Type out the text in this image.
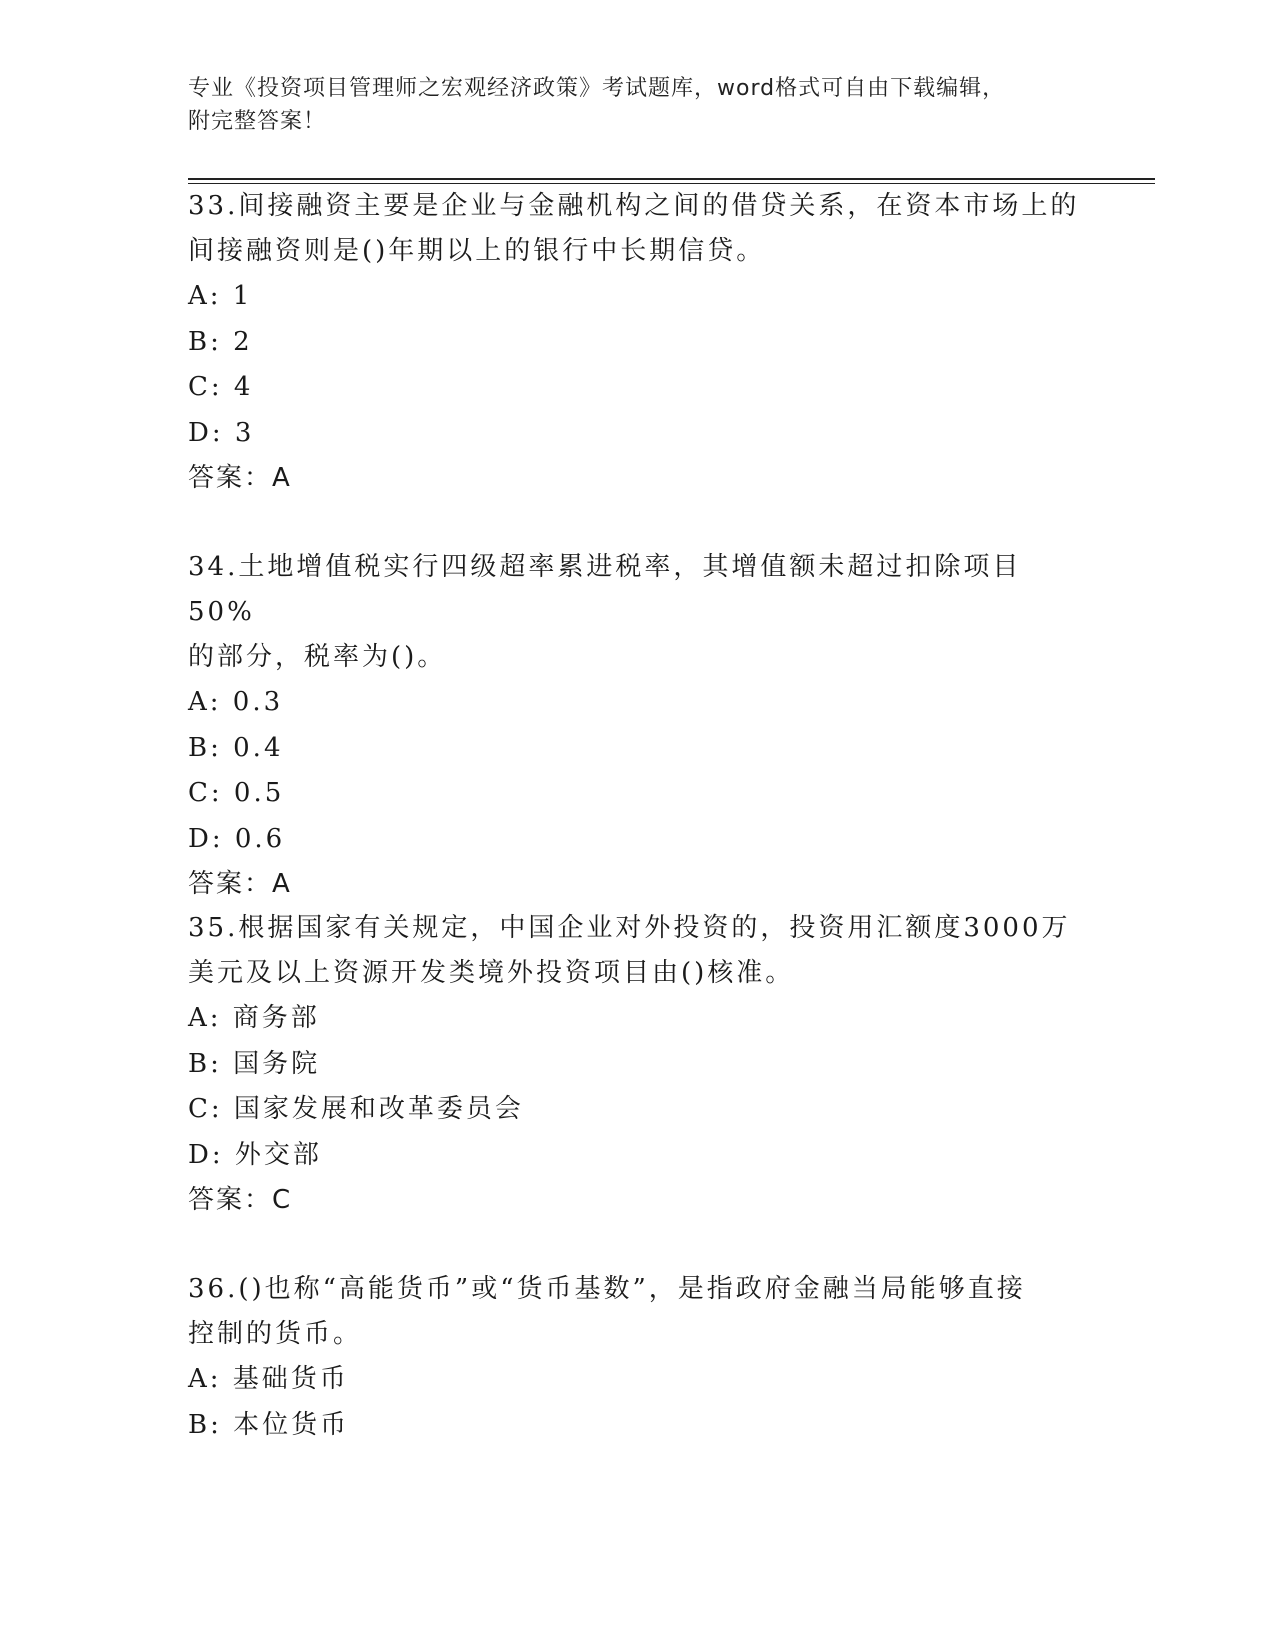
专业《投资项目管理师之宏观经济政策》考试题库，word格式可自由下载编辑，
附完整答案！

33.间接融资主要是企业与金融机构之间的借贷关系，在资本市场上的

间接融资则是()年期以上的银行中长期信贷。

A: 1

B: 2

C: 4

D: 3

答案：A

34.土地增值税实行四级超率累进税率，其增值额未超过扣除项目50%

的部分，税率为()。

A: 0.3

B: 0.4

C: 0.5

D: 0.6

答案：A

35.根据国家有关规定，中国企业对外投资的，投资用汇额度3000万

美元及以上资源开发类境外投资项目由()核准。

A: 商务部

B: 国务院

C: 国家发展和改革委员会

D: 外交部

答案：C

36.()也称“高能货币”或“货币基数”，是指政府金融当局能够直接

控制的货币。

A: 基础货币

B: 本位货币
